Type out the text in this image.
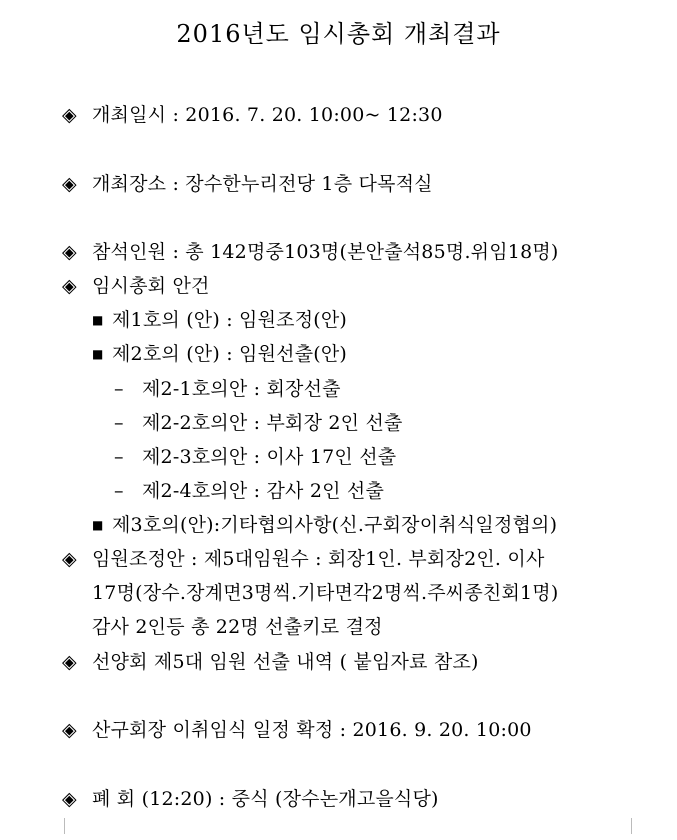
2016년도 임시총회 개최결과
◈ 개최일시 : 2016. 7. 20. 10:00~ 12:30
◈ 개최장소 : 장수한누리전당 1층 다목적실
◈ 참석인원 : 총 142명중103명(본안출석85명.위임18명)
◈ 임시총회 안건
■ 제1호의 (안) : 임원조정(안)
■ 제2호의 (안) : 임원선출(안)
– 제2-1호의안 : 회장선출
– 제2-2호의안 : 부회장 2인 선출
– 제2-3호의안 : 이사 17인 선출
– 제2-4호의안 : 감사 2인 선출
■ 제3호의(안):기타협의사항(신.구회장이취식일정협의)
◈ 임원조정안 : 제5대임원수 : 회장1인. 부회장2인. 이사
17명(장수.장계면3명씩.기타면각2명씩.주씨종친회1명)
감사 2인등 총 22명 선출키로 결정
◈ 선양회 제5대 임원 선출 내역 ( 붙임자료 참조)
◈ 산구회장 이취임식 일정 확정 : 2016. 9. 20. 10:00
◈ 폐 회 (12:20) : 중식 (장수논개고을식당)
